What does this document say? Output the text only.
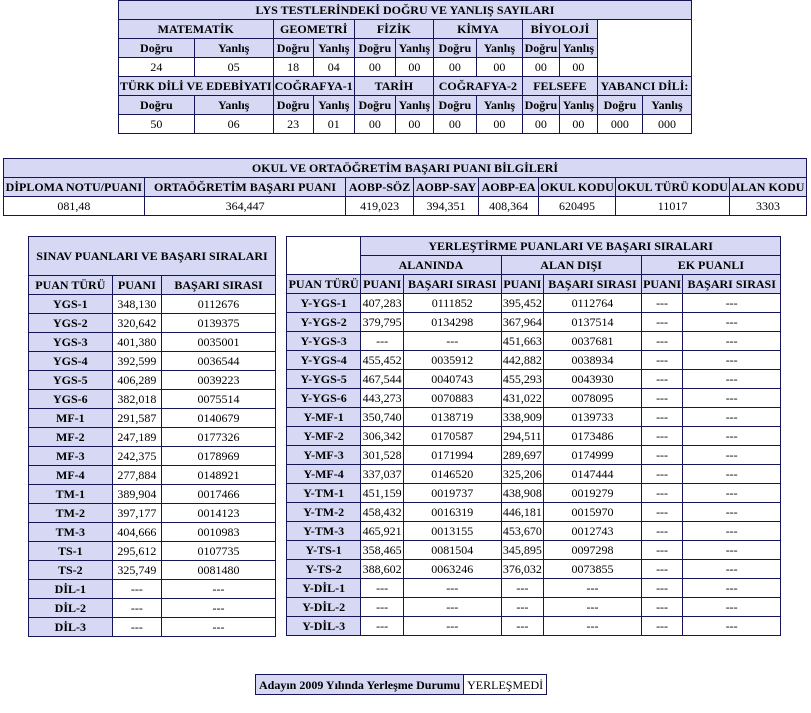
LYS TESTLERİNDEKİ DOĞRU VE YANLIŞ SAYILARI											
MATEMATİK		GEOMETRİ		FİZİK		KİMYA		BİYOLOJİ			
Doğru	Yanlış	Doğru	Yanlış	Doğru	Yanlış	Doğru	Yanlış	Doğru	Yanlış		
24	05	18	04	00	00	00	00	00	00		
TÜRK DİLİ VE EDEBİYATI		COĞRAFYA-1		TARİH		COĞRAFYA-2		FELSEFE		YABANCI DİLİ:	
Doğru	Yanlış	Doğru	Yanlış	Doğru	Yanlış	Doğru	Yanlış	Doğru	Yanlış	Doğru	Yanlış
50	06	23	01	00	00	00	00	00	00	000	000
OKUL VE ORTAÖĞRETİM BAŞARI PUANI BİLGİLERİ							
DİPLOMA NOTU/PUANI	ORTAÖĞRETİM BAŞARI PUANI	AOBP-SÖZ	AOBP-SAY	AOBP-EA	OKUL KODU	OKUL TÜRÜ KODU	ALAN KODU
081,48	364,447	419,023	394,351	408,364	620495	11017	3303
SINAV PUANLARI VE BAŞARI SIRALARI		
PUAN TÜRÜ	PUANI	BAŞARI SIRASI
YGS-1	348,130	0112676
YGS-2	320,642	0139375
YGS-3	401,380	0035001
YGS-4	392,599	0036544
YGS-5	406,289	0039223
YGS-6	382,018	0075514
MF-1	291,587	0140679
MF-2	247,189	0177326
MF-3	242,375	0178969
MF-4	277,884	0148921
TM-1	389,904	0017466
TM-2	397,177	0014123
TM-3	404,666	0010983
TS-1	295,612	0107735
TS-2	325,749	0081480
DİL-1	---	---
DİL-2	---	---
DİL-3	---	---
	YERLEŞTİRME PUANLARI VE BAŞARI SIRALARI					
	ALANINDA		ALAN DIŞI		EK PUANLI	
PUAN TÜRÜ	PUANI	BAŞARI SIRASI	PUANI	BAŞARI SIRASI	PUANI	BAŞARI SIRASI
Y-YGS-1	407,283	0111852	395,452	0112764	---	---
Y-YGS-2	379,795	0134298	367,964	0137514	---	---
Y-YGS-3	---	---	451,663	0037681	---	---
Y-YGS-4	455,452	0035912	442,882	0038934	---	---
Y-YGS-5	467,544	0040743	455,293	0043930	---	---
Y-YGS-6	443,273	0070883	431,022	0078095	---	---
Y-MF-1	350,740	0138719	338,909	0139733	---	---
Y-MF-2	306,342	0170587	294,511	0173486	---	---
Y-MF-3	301,528	0171994	289,697	0174999	---	---
Y-MF-4	337,037	0146520	325,206	0147444	---	---
Y-TM-1	451,159	0019737	438,908	0019279	---	---
Y-TM-2	458,432	0016319	446,181	0015970	---	---
Y-TM-3	465,921	0013155	453,670	0012743	---	---
Y-TS-1	358,465	0081504	345,895	0097298	---	---
Y-TS-2	388,602	0063246	376,032	0073855	---	---
Y-DİL-1	---	---	---	---	---	---
Y-DİL-2	---	---	---	---	---	---
Y-DİL-3	---	---	---	---	---	---
Adayın 2009 Yılında Yerleşme Durumu	YERLEŞMEDİ
